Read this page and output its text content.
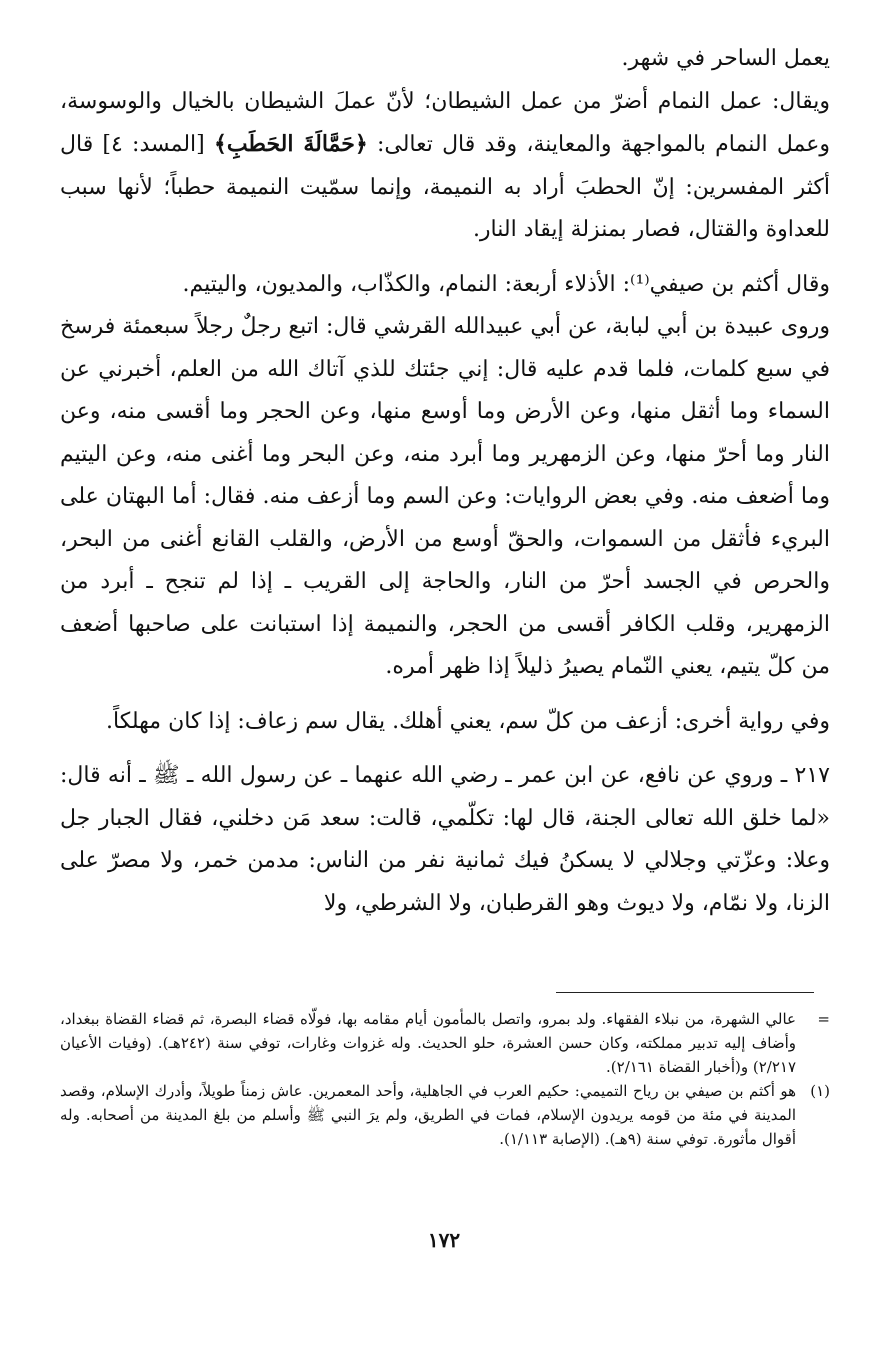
يعمل الساحر في شهر.

ويقال: عمل النمام أضرّ من عمل الشيطان؛ لأنّ عملَ الشيطان بالخيال والوسوسة، وعمل النمام بالمواجهة والمعاينة، وقد قال تعالى: ﴿حَمَّالَةَ الحَطَبِ﴾ [المسد: ٤] قال أكثر المفسرين: إنّ الحطبَ أراد به النميمة، وإنما سمّيت النميمة حطباً؛ لأنها سبب للعداوة والقتال، فصار بمنزلة إيقاد النار.

وقال أكثم بن صيفي⁽¹⁾: الأذلاء أربعة: النمام، والكذّاب، والمديون، واليتيم.

وروى عبيدة بن أبي لبابة، عن أبي عبيدالله القرشي قال: اتبع رجلٌ رجلاً سبعمئة فرسخ في سبع كلمات، فلما قدم عليه قال: إني جئتك للذي آتاك الله من العلم، أخبرني عن السماء وما أثقل منها، وعن الأرض وما أوسع منها، وعن الحجر وما أقسى منه، وعن النار وما أحرّ منها، وعن الزمهرير وما أبرد منه، وعن البحر وما أغنى منه، وعن اليتيم وما أضعف منه. وفي بعض الروايات: وعن السم وما أزعف منه. فقال: أما البهتان على البريء فأثقل من السموات، والحقّ أوسع من الأرض، والقلب القانع أغنى من البحر، والحرص في الجسد أحرّ من النار، والحاجة إلى القريب ـ إذا لم تنجح ـ أبرد من الزمهرير، وقلب الكافر أقسى من الحجر، والنميمة إذا استبانت على صاحبها أضعف من كلّ يتيم، يعني النّمام يصيرُ ذليلاً إذا ظهر أمره.

وفي رواية أخرى: أزعف من كلّ سم، يعني أهلك. يقال سم زعاف: إذا كان مهلكاً.

٢١٧ ـ وروي عن نافع، عن ابن عمر ـ رضي الله عنهما ـ عن رسول الله ـ ﷺ ـ أنه قال: «لما خلق الله تعالى الجنة، قال لها: تكلّمي، قالت: سعد مَن دخلني، فقال الجبار جل وعلا: وعزّتي وجلالي لا يسكنُ فيك ثمانية نفر من الناس: مدمن خمر، ولا مصرّ على الزنا، ولا نمّام، ولا ديوث وهو القرطبان، ولا الشرطي، ولا

=
عالي الشهرة، من نبلاء الفقهاء. ولد بمرو، واتصل بالمأمون أيام مقامه بها، فولّاه قضاء البصرة، ثم قضاء القضاة ببغداد، وأضاف إليه تدبير مملكته، وكان حسن العشرة، حلو الحديث. وله غزوات وغارات، توفي سنة (٢٤٢هـ). (وفيات الأعيان ٢/٢١٧) و(أخبار القضاة ٢/١٦١).
(١)
هو أكثم بن صيفي بن رياح التميمي: حكيم العرب في الجاهلية، وأحد المعمرين. عاش زمناً طويلاً، وأدرك الإسلام، وقصد المدينة في مئة من قومه يريدون الإسلام، فمات في الطريق، ولم يرَ النبي ﷺ وأسلم من بلغ المدينة من أصحابه. وله أقوال مأثورة. توفي سنة (٩هـ). (الإصابة ١/١١٣).
١٧٢
